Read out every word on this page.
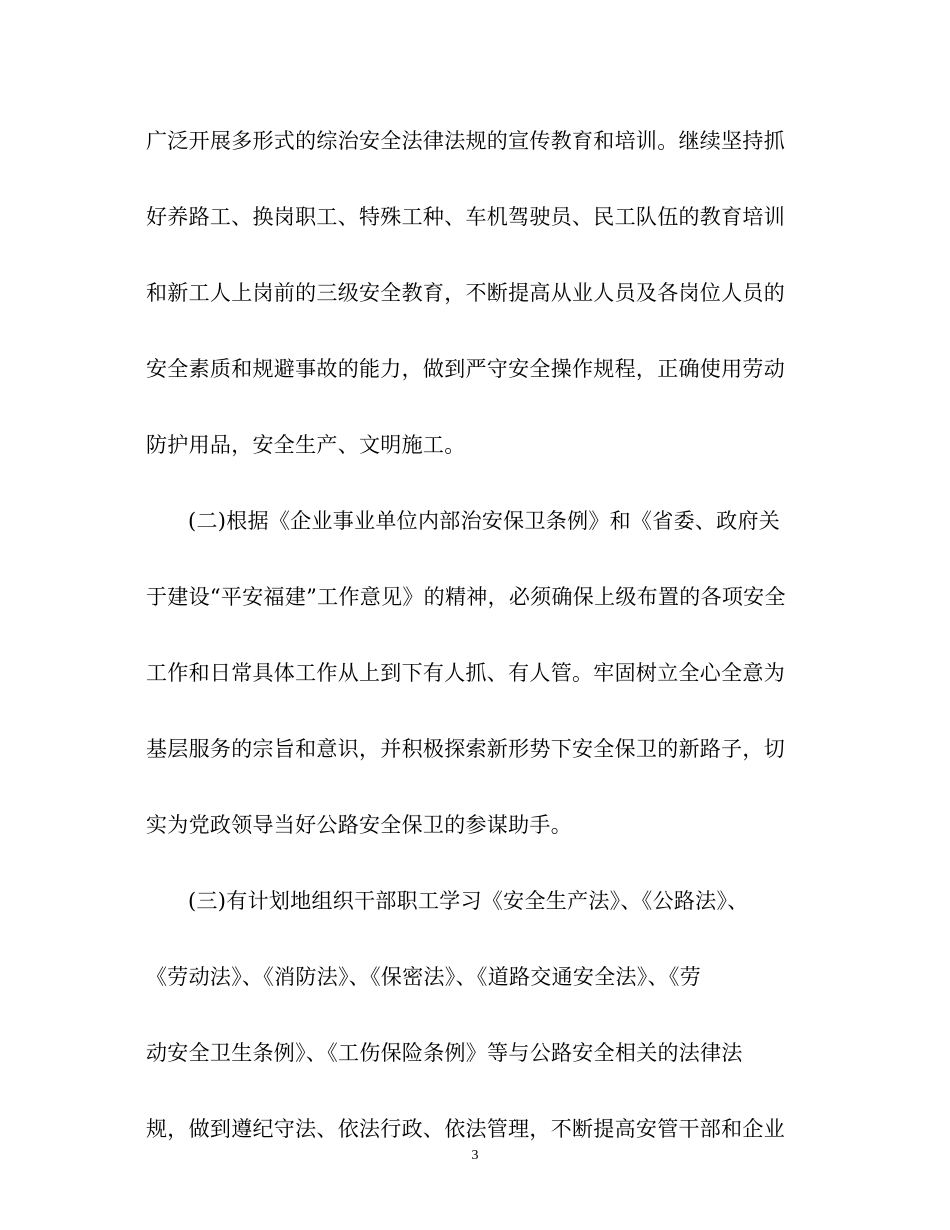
广泛开展多形式的综治安全法律法规的宣传教育和培训。继续坚持抓
好养路工、换岗职工、特殊工种、车机驾驶员、民工队伍的教育培训
和新工人上岗前的三级安全教育，不断提高从业人员及各岗位人员的
安全素质和规避事故的能力，做到严守安全操作规程，正确使用劳动
防护用品，安全生产、文明施工。
(二)根据《企业事业单位内部治安保卫条例》和《省委、政府关
于建设“平安福建”工作意见》的精神，必须确保上级布置的各项安全
工作和日常具体工作从上到下有人抓、有人管。牢固树立全心全意为
基层服务的宗旨和意识，并积极探索新形势下安全保卫的新路子，切
实为党政领导当好公路安全保卫的参谋助手。
(三)有计划地组织干部职工学习《安全生产法》、《公路法》、
《劳动法》、《消防法》、《保密法》、《道路交通安全法》、《劳
动安全卫生条例》、《工伤保险条例》等与公路安全相关的法律法
规，做到遵纪守法、依法行政、依法管理，不断提高安管干部和企业
3
